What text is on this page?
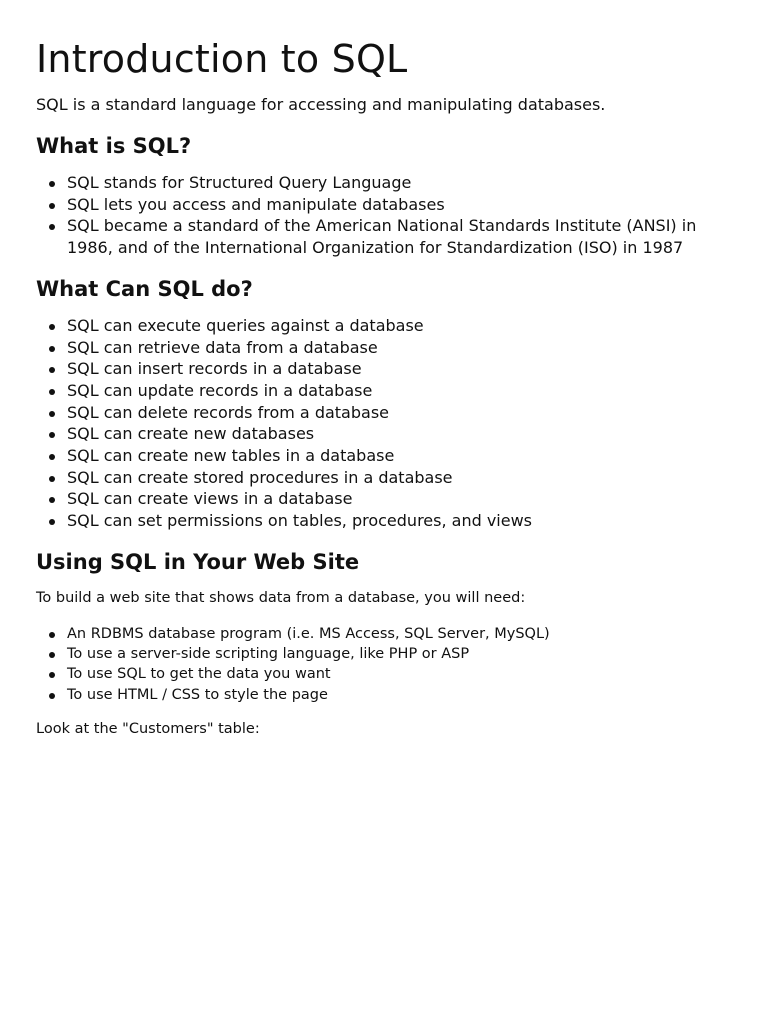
Introduction to SQL

SQL is a standard language for accessing and manipulating databases.

What is SQL?
SQL stands for Structured Query Language
SQL lets you access and manipulate databases
SQL became a standard of the American National Standards Institute (ANSI) in 1986, and of the International Organization for Standardization (ISO) in 1987
What Can SQL do?
SQL can execute queries against a database
SQL can retrieve data from a database
SQL can insert records in a database
SQL can update records in a database
SQL can delete records from a database
SQL can create new databases
SQL can create new tables in a database
SQL can create stored procedures in a database
SQL can create views in a database
SQL can set permissions on tables, procedures, and views
Using SQL in Your Web Site

To build a web site that shows data from a database, you will need:

An RDBMS database program (i.e. MS Access, SQL Server, MySQL)
To use a server-side scripting language, like PHP or ASP
To use SQL to get the data you want
To use HTML / CSS to style the page

Look at the "Customers" table:
